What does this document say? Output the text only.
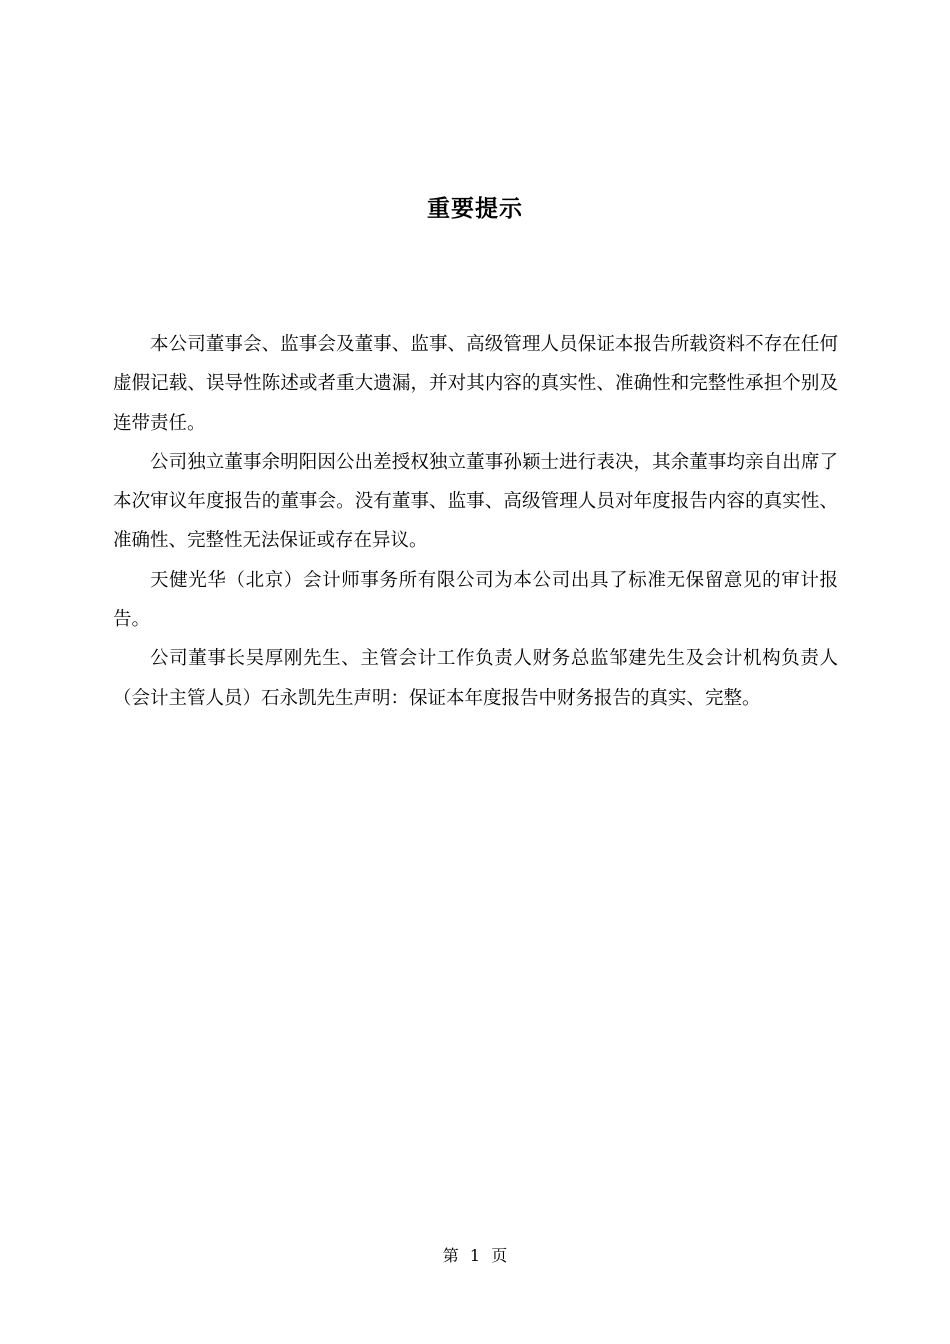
重要提示

本公司董事会、监事会及董事、监事、高级管理人员保证本报告所载资料不存在任何虚假记载、误导性陈述或者重大遗漏，并对其内容的真实性、准确性和完整性承担个别及连带责任。

公司独立董事余明阳因公出差授权独立董事孙颖士进行表决，其余董事均亲自出席了本次审议年度报告的董事会。没有董事、监事、高级管理人员对年度报告内容的真实性、准确性、完整性无法保证或存在异议。

天健光华（北京）会计师事务所有限公司为本公司出具了标准无保留意见的审计报告。

公司董事长吴厚刚先生、主管会计工作负责人财务总监邹建先生及会计机构负责人（会计主管人员）石永凯先生声明：保证本年度报告中财务报告的真实、完整。

第 1 页
